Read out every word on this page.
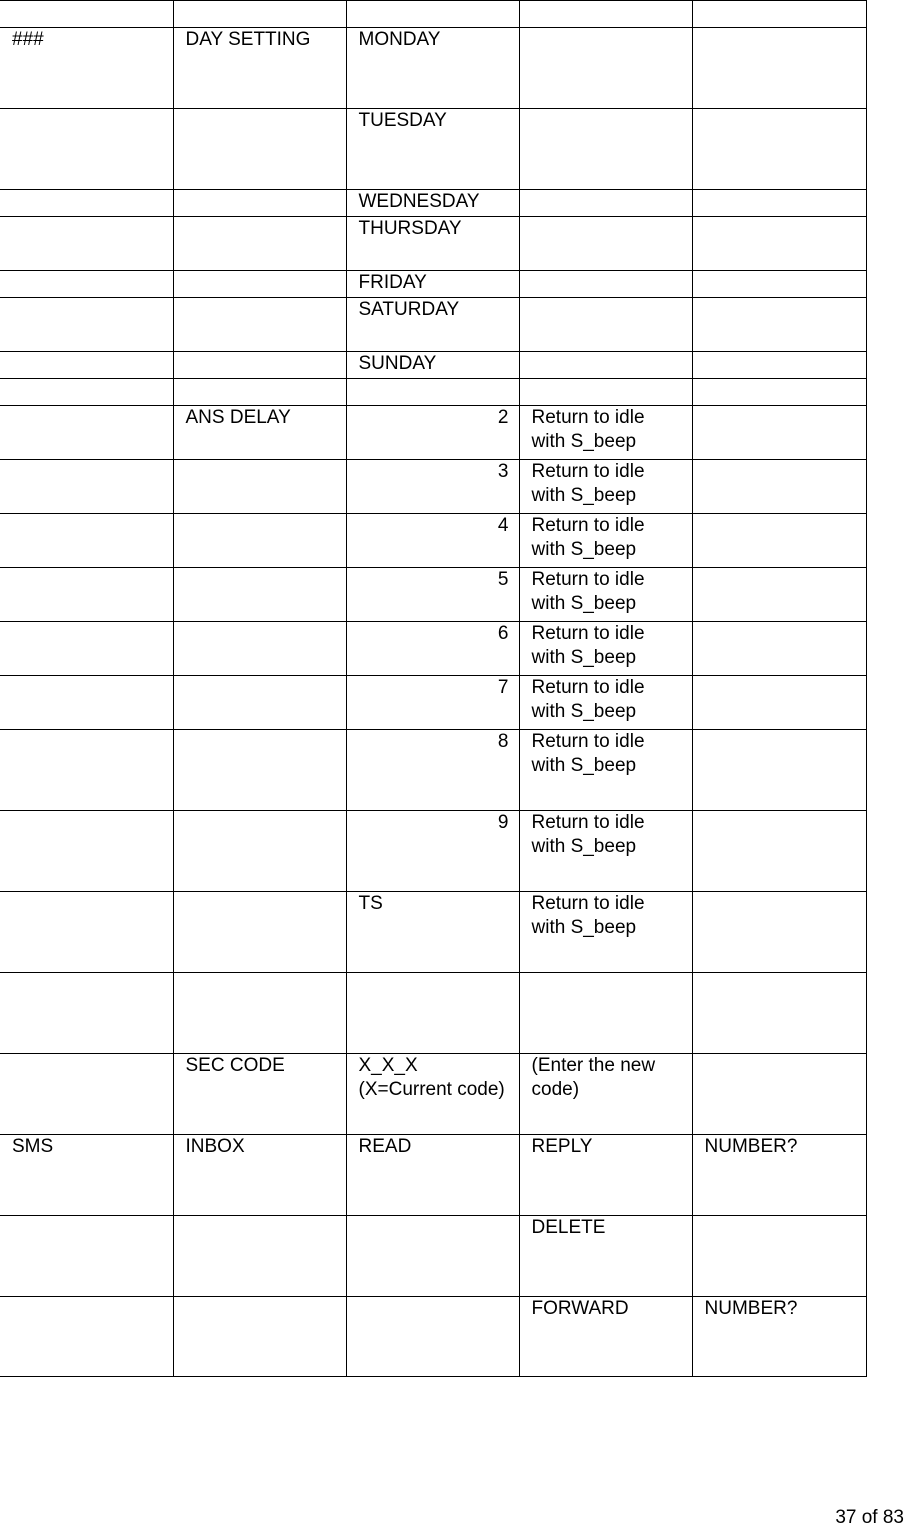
###	DAY SETTING	MONDAY		
		TUESDAY		
		WEDNESDAY		
		THURSDAY		
		FRIDAY		
		SATURDAY		
		SUNDAY		

	ANS DELAY	2	Return to idle with S_beep	
		3	Return to idle with S_beep	
		4	Return to idle with S_beep	
		5	Return to idle with S_beep	
		6	Return to idle with S_beep	
		7	Return to idle with S_beep	
		8	Return to idle with S_beep	
		9	Return to idle with S_beep	
		TS	Return to idle with S_beep	

	SEC CODE	X_X_X (X=Current code)	(Enter the new code)	
SMS	INBOX	READ	REPLY	NUMBER?
			DELETE	
			FORWARD	NUMBER?
37 of 83
